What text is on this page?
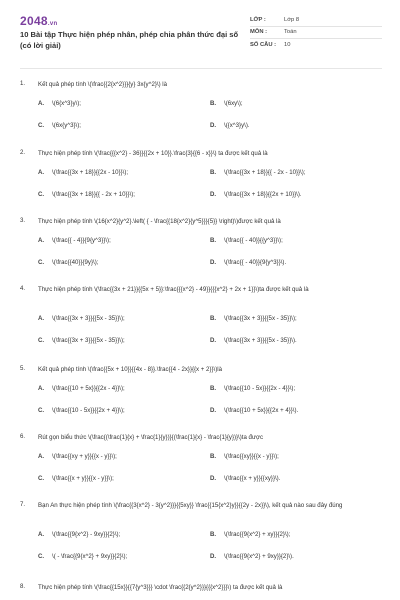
2048.vn
10 Bài tập Thực hiện phép nhân, phép chia phân thức đại số (có lời giải)
LỚP :	Lớp 8
MÔN :	Toán
SỐ CÂU :	10
1.	Kết quả phép tính \(\frac{{2{x^2}}}{y} 3x{y^2}\) là
A. \(6{x^3}y\);	B. \(6xy\);
C. \(6x{y^3}\);	D. \({x^3}y\).
2.	Thực hiện phép tính \(\frac{{{x^2} - 36}}{{2x + 10}}.\frac{3}{{6 - x}}\) ta được kết quả là
A. \(\frac{{3x + 18}}{{2x - 10}}\);	B. \(\frac{{3x + 18}}{{ - 2x - 10}}\);
C. \(\frac{{3x + 18}}{{ - 2x + 10}}\);	D. \(\frac{{3x + 18}}{{2x + 10}}\).
3.	Thực hiện phép tính \(16{x^2}{y^2}.\left( { - \frac{{18{x^2}{y^5}}}{5}} \right)\)được kết quả là
A. \(\frac{{ - 4}}{9{y^3}}\);	B. \(\frac{{ - 40}}{{y^3}}\);
C. \(\frac{{40}}{9y}\);	D. \(\frac{{ - 40}}{9{y^3}}\).
4.	Thực hiện phép tính \(\frac{{3x + 21}}{{5x + 5}}:\frac{{{x^2} - 49}}{{{x^2} + 2x + 1}}\)ta được kết quả là
A. \(\frac{{3x + 3}}{{5x - 35}}\);	B. \(\frac{{3x + 3}}{{5x - 35}}\);
C. \(\frac{{3x + 3}}{{5x - 35}}\);	D. \(\frac{{3x + 3}}{{5x - 35}}\).
5.	Kết quả phép tính \(\frac{{5x + 10}}{{4x - 8}}.\frac{{4 - 2x}}{{x + 2}}\)là
A. \(\frac{{10 + 5x}}{{2x - 4}}\);	B. \(\frac{{10 - 5x}}{{2x - 4}}\);
C. \(\frac{{10 - 5x}}{{2x + 4}}\);	D. \(\frac{{10 + 5x}}{{2x + 4}}\).
6.	Rút gọn biểu thức \(\frac{(\frac{1}{x} + \frac{1}{y})}{(\frac{1}{x} - \frac{1}{y})}\)ta được
A. \(\frac{{xy + y}}{{x - y}}\);	B. \(\frac{{xy}}{{x - y}}\);
C. \(\frac{{x + y}}{{x - y}}\);	D. \(\frac{{x + y}}{{xy}}\).
7.	Bạn An thực hiện phép tính \(\frac{{3{x^2} - 3{y^2}}}{{5xy}} \frac{{15{x^2}y}}{{2y - 2x}}\), kết quả nào sau đây đúng
A. \(\frac{{9{x^2} - 9xy}}{2}\);	B. \(\frac{{9{x^2} + xy}}{2}\);
C. \( - \frac{{9{x^2} + 9xy}}{2}\);	D. \(\frac{{9{x^2} + 9xy}}{2}\).
8.	Thực hiện phép tính \(\frac{{15x}}{{7{y^3}}} \cdot \frac{{2{y^2}}}{{{x^2}}}\) ta được kết quả là
